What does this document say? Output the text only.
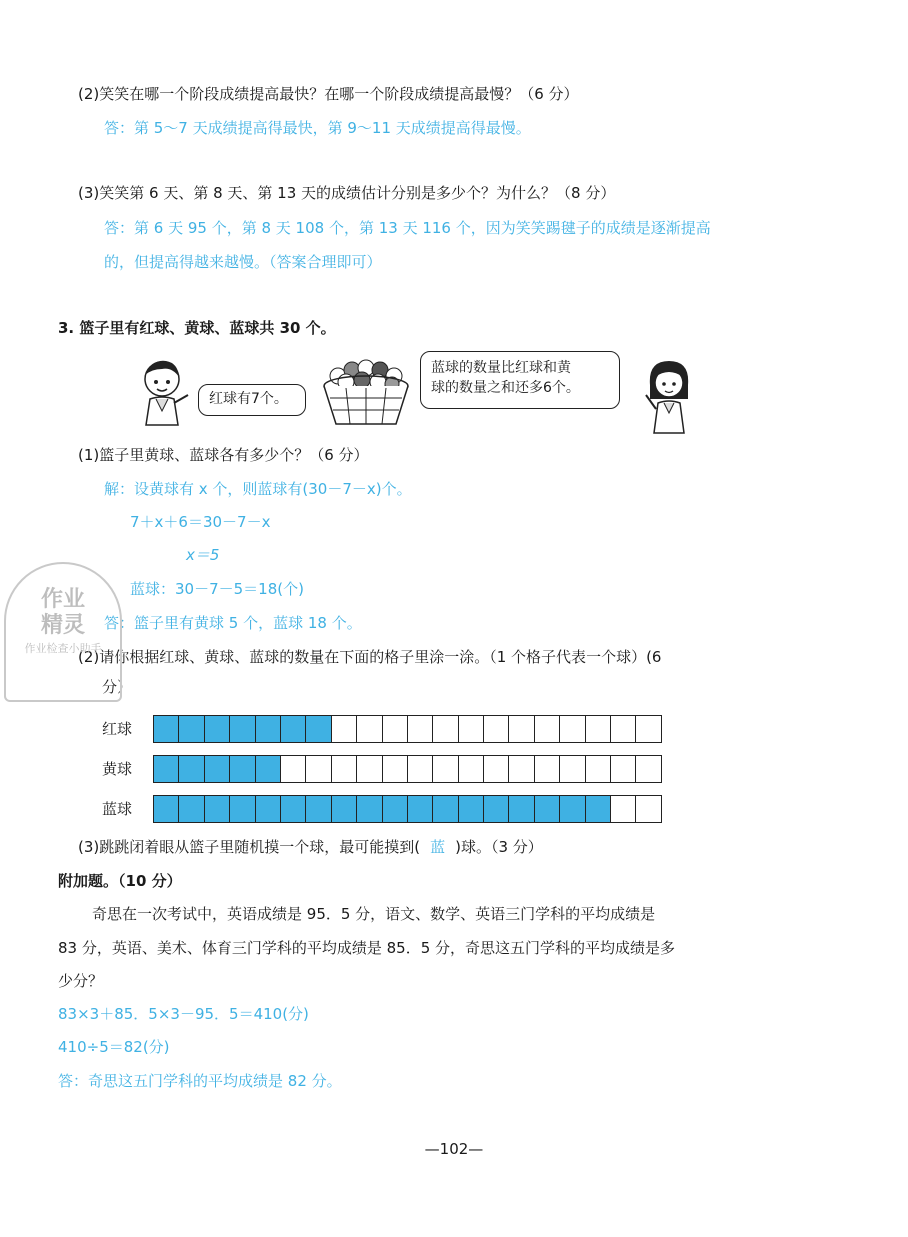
(2)笑笑在哪一个阶段成绩提高最快？在哪一个阶段成绩提高最慢？（6 分）
答：第 5～7 天成绩提高得最快，第 9～11 天成绩提高得最慢。
(3)笑笑第 6 天、第 8 天、第 13 天的成绩估计分别是多少个？为什么？（8 分）
答：第 6 天 95 个，第 8 天 108 个，第 13 天 116 个，因为笑笑踢毽子的成绩是逐渐提高
的，但提高得越来越慢。（答案合理即可）
3. 篮子里有红球、黄球、蓝球共 30 个。
红球有7个。
蓝球的数量比红球和黄
球的数量之和还多6个。
(1)篮子里黄球、蓝球各有多少个？（6 分）
解：设黄球有 x 个，则蓝球有(30－7－x)个。
7＋x＋6＝30－7－x
x＝5
蓝球：30－7－5＝18(个)
答：篮子里有黄球 5 个，蓝球 18 个。
(2)请你根据红球、黄球、蓝球的数量在下面的格子里涂一涂。（1 个格子代表一个球）(6
分）
红球
黄球
蓝球
(3)跳跳闭着眼从篮子里随机摸一个球，最可能摸到( 蓝 )球。（3 分）
附加题。（10 分）
奇思在一次考试中，英语成绩是 95．5 分，语文、数学、英语三门学科的平均成绩是
83 分，英语、美术、体育三门学科的平均成绩是 85．5 分，奇思这五门学科的平均成绩是多
少分？
83×3＋85．5×3－95．5＝410(分)
410÷5＝82(分)
答：奇思这五门学科的平均成绩是 82 分。
作业
精灵
作业检查小助手
—102—
